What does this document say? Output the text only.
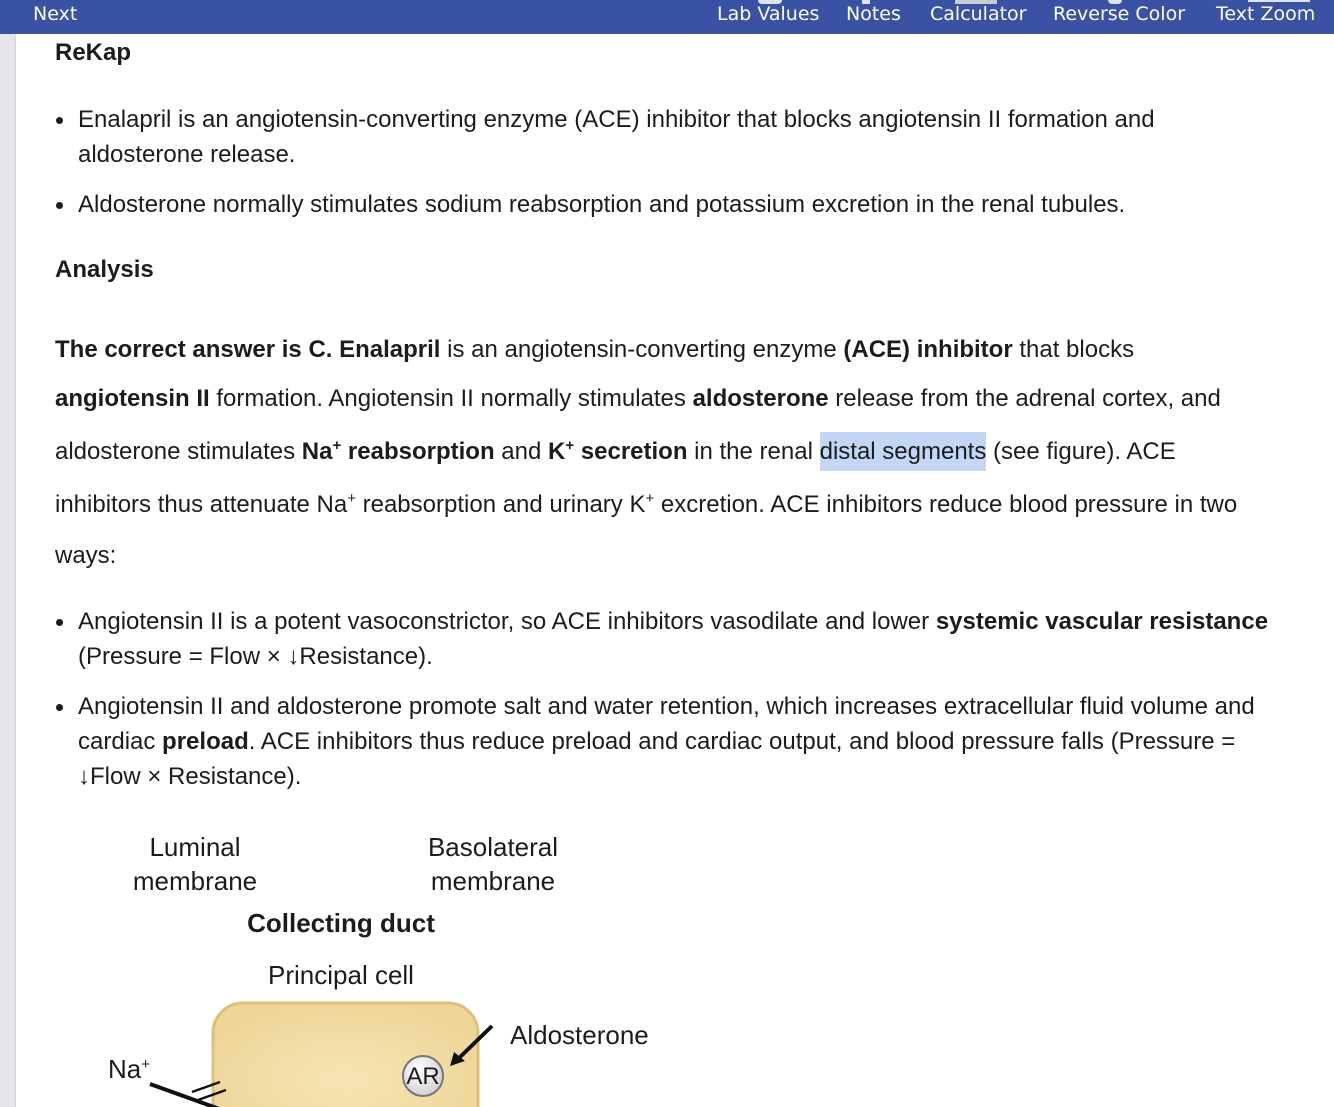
Next	Lab Values Notes Calculator Reverse Color Text Zoom
ReKap
Enalapril is an angiotensin-converting enzyme (ACE) inhibitor that blocks angiotensin II formation and
aldosterone release.
Aldosterone normally stimulates sodium reabsorption and potassium excretion in the renal tubules.
Analysis
The correct answer is C. Enalapril is an angiotensin-converting enzyme (ACE) inhibitor that blocks
angiotensin II formation. Angiotensin II normally stimulates aldosterone release from the adrenal cortex, and
aldosterone stimulates Na+ reabsorption and K+ secretion in the renal distal segments (see figure). ACE
inhibitors thus attenuate Na+ reabsorption and urinary K+ excretion. ACE inhibitors reduce blood pressure in two
ways:
Angiotensin II is a potent vasoconstrictor, so ACE inhibitors vasodilate and lower systemic vascular resistance
(Pressure = Flow × ↓Resistance).
Angiotensin II and aldosterone promote salt and water retention, which increases extracellular fluid volume and
cardiac preload. ACE inhibitors thus reduce preload and cardiac output, and blood pressure falls (Pressure =
↓Flow × Resistance).
Luminal
membrane
Basolateral
membrane
Collecting duct
Principal cell
Aldosterone
AR
Na+
